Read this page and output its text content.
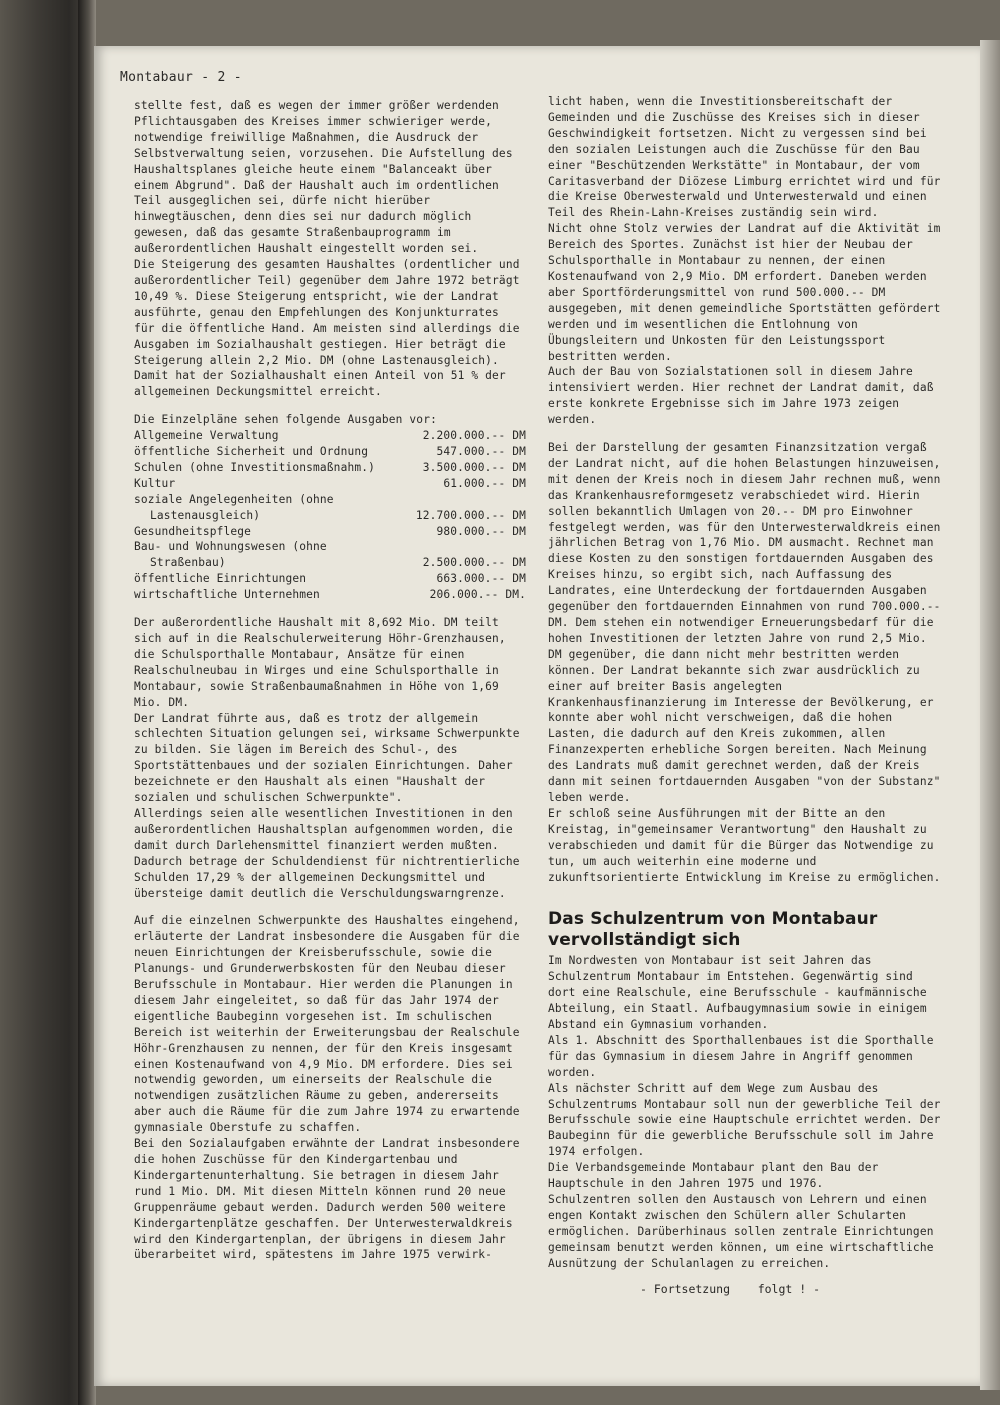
Montabaur - 2 -

stellte fest, daß es wegen der immer größer werdenden Pflichtausgaben des Kreises immer schwieriger werde, notwendige freiwillige Maßnahmen, die Ausdruck der Selbstverwaltung seien, vorzusehen. Die Aufstellung des Haushaltsplanes gleiche heute einem "Balanceakt über einem Abgrund". Daß der Haushalt auch im ordentlichen Teil ausgeglichen sei, dürfe nicht hierüber hinwegtäuschen, denn dies sei nur dadurch möglich gewesen, daß das gesamte Straßenbauprogramm im außerordentlichen Haushalt eingestellt worden sei.

Die Steigerung des gesamten Haushaltes (ordentlicher und außerordentlicher Teil) gegenüber dem Jahre 1972 beträgt 10,49 %. Diese Steigerung entspricht, wie der Landrat ausführte, genau den Empfehlungen des Konjunkturrates für die öffentliche Hand. Am meisten sind allerdings die Ausgaben im Sozialhaushalt gestiegen. Hier beträgt die Steigerung allein 2,2 Mio. DM (ohne Lastenausgleich). Damit hat der Sozialhaushalt einen Anteil von 51 % der allgemeinen Deckungsmittel erreicht.

Die Einzelpläne sehen folgende Ausgaben vor:

Allgemeine Verwaltung	2.200.000.-- DM
öffentliche Sicherheit und Ordnung	547.000.-- DM
Schulen (ohne Investitionsmaßnahm.)	3.500.000.-- DM
Kultur	61.000.-- DM
soziale Angelegenheiten (ohne
Lastenausgleich)	12.700.000.-- DM
Gesundheitspflege	980.000.-- DM
Bau- und Wohnungswesen (ohne
Straßenbau)	2.500.000.-- DM
öffentliche Einrichtungen	663.000.-- DM
wirtschaftliche Unternehmen	206.000.-- DM.

Der außerordentliche Haushalt mit 8,692 Mio. DM teilt sich auf in die Realschulerweiterung Höhr-Grenzhausen, die Schulsporthalle Montabaur, Ansätze für einen Realschulneubau in Wirges und eine Schulsporthalle in Montabaur, sowie Straßenbaumaßnahmen in Höhe von 1,69 Mio. DM.

Der Landrat führte aus, daß es trotz der allgemein schlechten Situation gelungen sei, wirksame Schwerpunkte zu bilden. Sie lägen im Bereich des Schul-, des Sportstättenbaues und der sozialen Einrichtungen. Daher bezeichnete er den Haushalt als einen "Haushalt der sozialen und schulischen Schwerpunkte".

Allerdings seien alle wesentlichen Investitionen in den außerordentlichen Haushaltsplan aufgenommen worden, die damit durch Darlehensmittel finanziert werden mußten. Dadurch betrage der Schuldendienst für nichtrentierliche Schulden 17,29 % der allgemeinen Deckungsmittel und übersteige damit deutlich die Verschuldungswarngrenze.

Auf die einzelnen Schwerpunkte des Haushaltes eingehend, erläuterte der Landrat insbesondere die Ausgaben für die neuen Einrichtungen der Kreisberufsschule, sowie die Planungs- und Grunderwerbskosten für den Neubau dieser Berufsschule in Montabaur. Hier werden die Planungen in diesem Jahr eingeleitet, so daß für das Jahr 1974 der eigentliche Baubeginn vorgesehen ist. Im schulischen Bereich ist weiterhin der Erweiterungsbau der Realschule Höhr-Grenzhausen zu nennen, der für den Kreis insgesamt einen Kostenaufwand von 4,9 Mio. DM erfordere. Dies sei notwendig geworden, um einerseits der Realschule die notwendigen zusätzlichen Räume zu geben, andererseits aber auch die Räume für die zum Jahre 1974 zu erwartende gymnasiale Oberstufe zu schaffen.

Bei den Sozialaufgaben erwähnte der Landrat insbesondere die hohen Zuschüsse für den Kindergartenbau und Kindergartenunterhaltung. Sie betragen in diesem Jahr rund 1 Mio. DM. Mit diesen Mitteln können rund 20 neue Gruppenräume gebaut werden. Dadurch werden 500 weitere Kindergartenplätze geschaffen. Der Unterwesterwaldkreis wird den Kindergartenplan, der übrigens in diesem Jahr überarbeitet wird, spätestens im Jahre 1975 verwirk-

licht haben, wenn die Investitionsbereitschaft der Gemeinden und die Zuschüsse des Kreises sich in dieser Geschwindigkeit fortsetzen. Nicht zu vergessen sind bei den sozialen Leistungen auch die Zuschüsse für den Bau einer "Beschützenden Werkstätte" in Montabaur, der vom Caritasverband der Diözese Limburg errichtet wird und für die Kreise Oberwesterwald und Unterwesterwald und einen Teil des Rhein-Lahn-Kreises zuständig sein wird.

Nicht ohne Stolz verwies der Landrat auf die Aktivität im Bereich des Sportes. Zunächst ist hier der Neubau der Schulsporthalle in Montabaur zu nennen, der einen Kostenaufwand von 2,9 Mio. DM erfordert. Daneben werden aber Sportförderungsmittel von rund 500.000.-- DM ausgegeben, mit denen gemeindliche Sportstätten gefördert werden und im wesentlichen die Entlohnung von Übungsleitern und Unkosten für den Leistungssport bestritten werden.

Auch der Bau von Sozialstationen soll in diesem Jahre intensiviert werden. Hier rechnet der Landrat damit, daß erste konkrete Ergebnisse sich im Jahre 1973 zeigen werden.

Bei der Darstellung der gesamten Finanzsitzation vergaß der Landrat nicht, auf die hohen Belastungen hinzuweisen, mit denen der Kreis noch in diesem Jahr rechnen muß, wenn das Krankenhausreformgesetz verabschiedet wird. Hierin sollen bekanntlich Umlagen von 20.-- DM pro Einwohner festgelegt werden, was für den Unterwesterwaldkreis einen jährlichen Betrag von 1,76 Mio. DM ausmacht. Rechnet man diese Kosten zu den sonstigen fortdauernden Ausgaben des Kreises hinzu, so ergibt sich, nach Auffassung des Landrates, eine Unterdeckung der fortdauernden Ausgaben gegenüber den fortdauernden Einnahmen von rund 700.000.-- DM. Dem stehen ein notwendiger Erneuerungsbedarf für die hohen Investitionen der letzten Jahre von rund 2,5 Mio. DM gegenüber, die dann nicht mehr bestritten werden können. Der Landrat bekannte sich zwar ausdrücklich zu einer auf breiter Basis angelegten Krankenhausfinanzierung im Interesse der Bevölkerung, er konnte aber wohl nicht verschweigen, daß die hohen Lasten, die dadurch auf den Kreis zukommen, allen Finanzexperten erhebliche Sorgen bereiten. Nach Meinung des Landrats muß damit gerechnet werden, daß der Kreis dann mit seinen fortdauernden Ausgaben "von der Substanz" leben werde.

Er schloß seine Ausführungen mit der Bitte an den Kreistag, in"gemeinsamer Verantwortung" den Haushalt zu verabschieden und damit für die Bürger das Notwendige zu tun, um auch weiterhin eine moderne und zukunftsorientierte Entwicklung im Kreise zu ermöglichen.

Das Schulzentrum von Montabaur vervollständigt sich

Im Nordwesten von Montabaur ist seit Jahren das Schulzentrum Montabaur im Entstehen. Gegenwärtig sind dort eine Realschule, eine Berufsschule - kaufmännische Abteilung, ein Staatl. Aufbaugymnasium sowie in einigem Abstand ein Gymnasium vorhanden.

Als 1. Abschnitt des Sporthallenbaues ist die Sporthalle für das Gymnasium in diesem Jahre in Angriff genommen worden.

Als nächster Schritt auf dem Wege zum Ausbau des Schulzentrums Montabaur soll nun der gewerbliche Teil der Berufsschule sowie eine Hauptschule errichtet werden. Der Baubeginn für die gewerbliche Berufsschule soll im Jahre 1974 erfolgen.

Die Verbandsgemeinde Montabaur plant den Bau der Hauptschule in den Jahren 1975 und 1976.

Schulzentren sollen den Austausch von Lehrern und einen engen Kontakt zwischen den Schülern aller Schularten ermöglichen. Darüberhinaus sollen zentrale Einrichtungen gemeinsam benutzt werden können, um eine wirtschaftliche Ausnützung der Schulanlagen zu erreichen.

- Fortsetzung    folgt ! -
